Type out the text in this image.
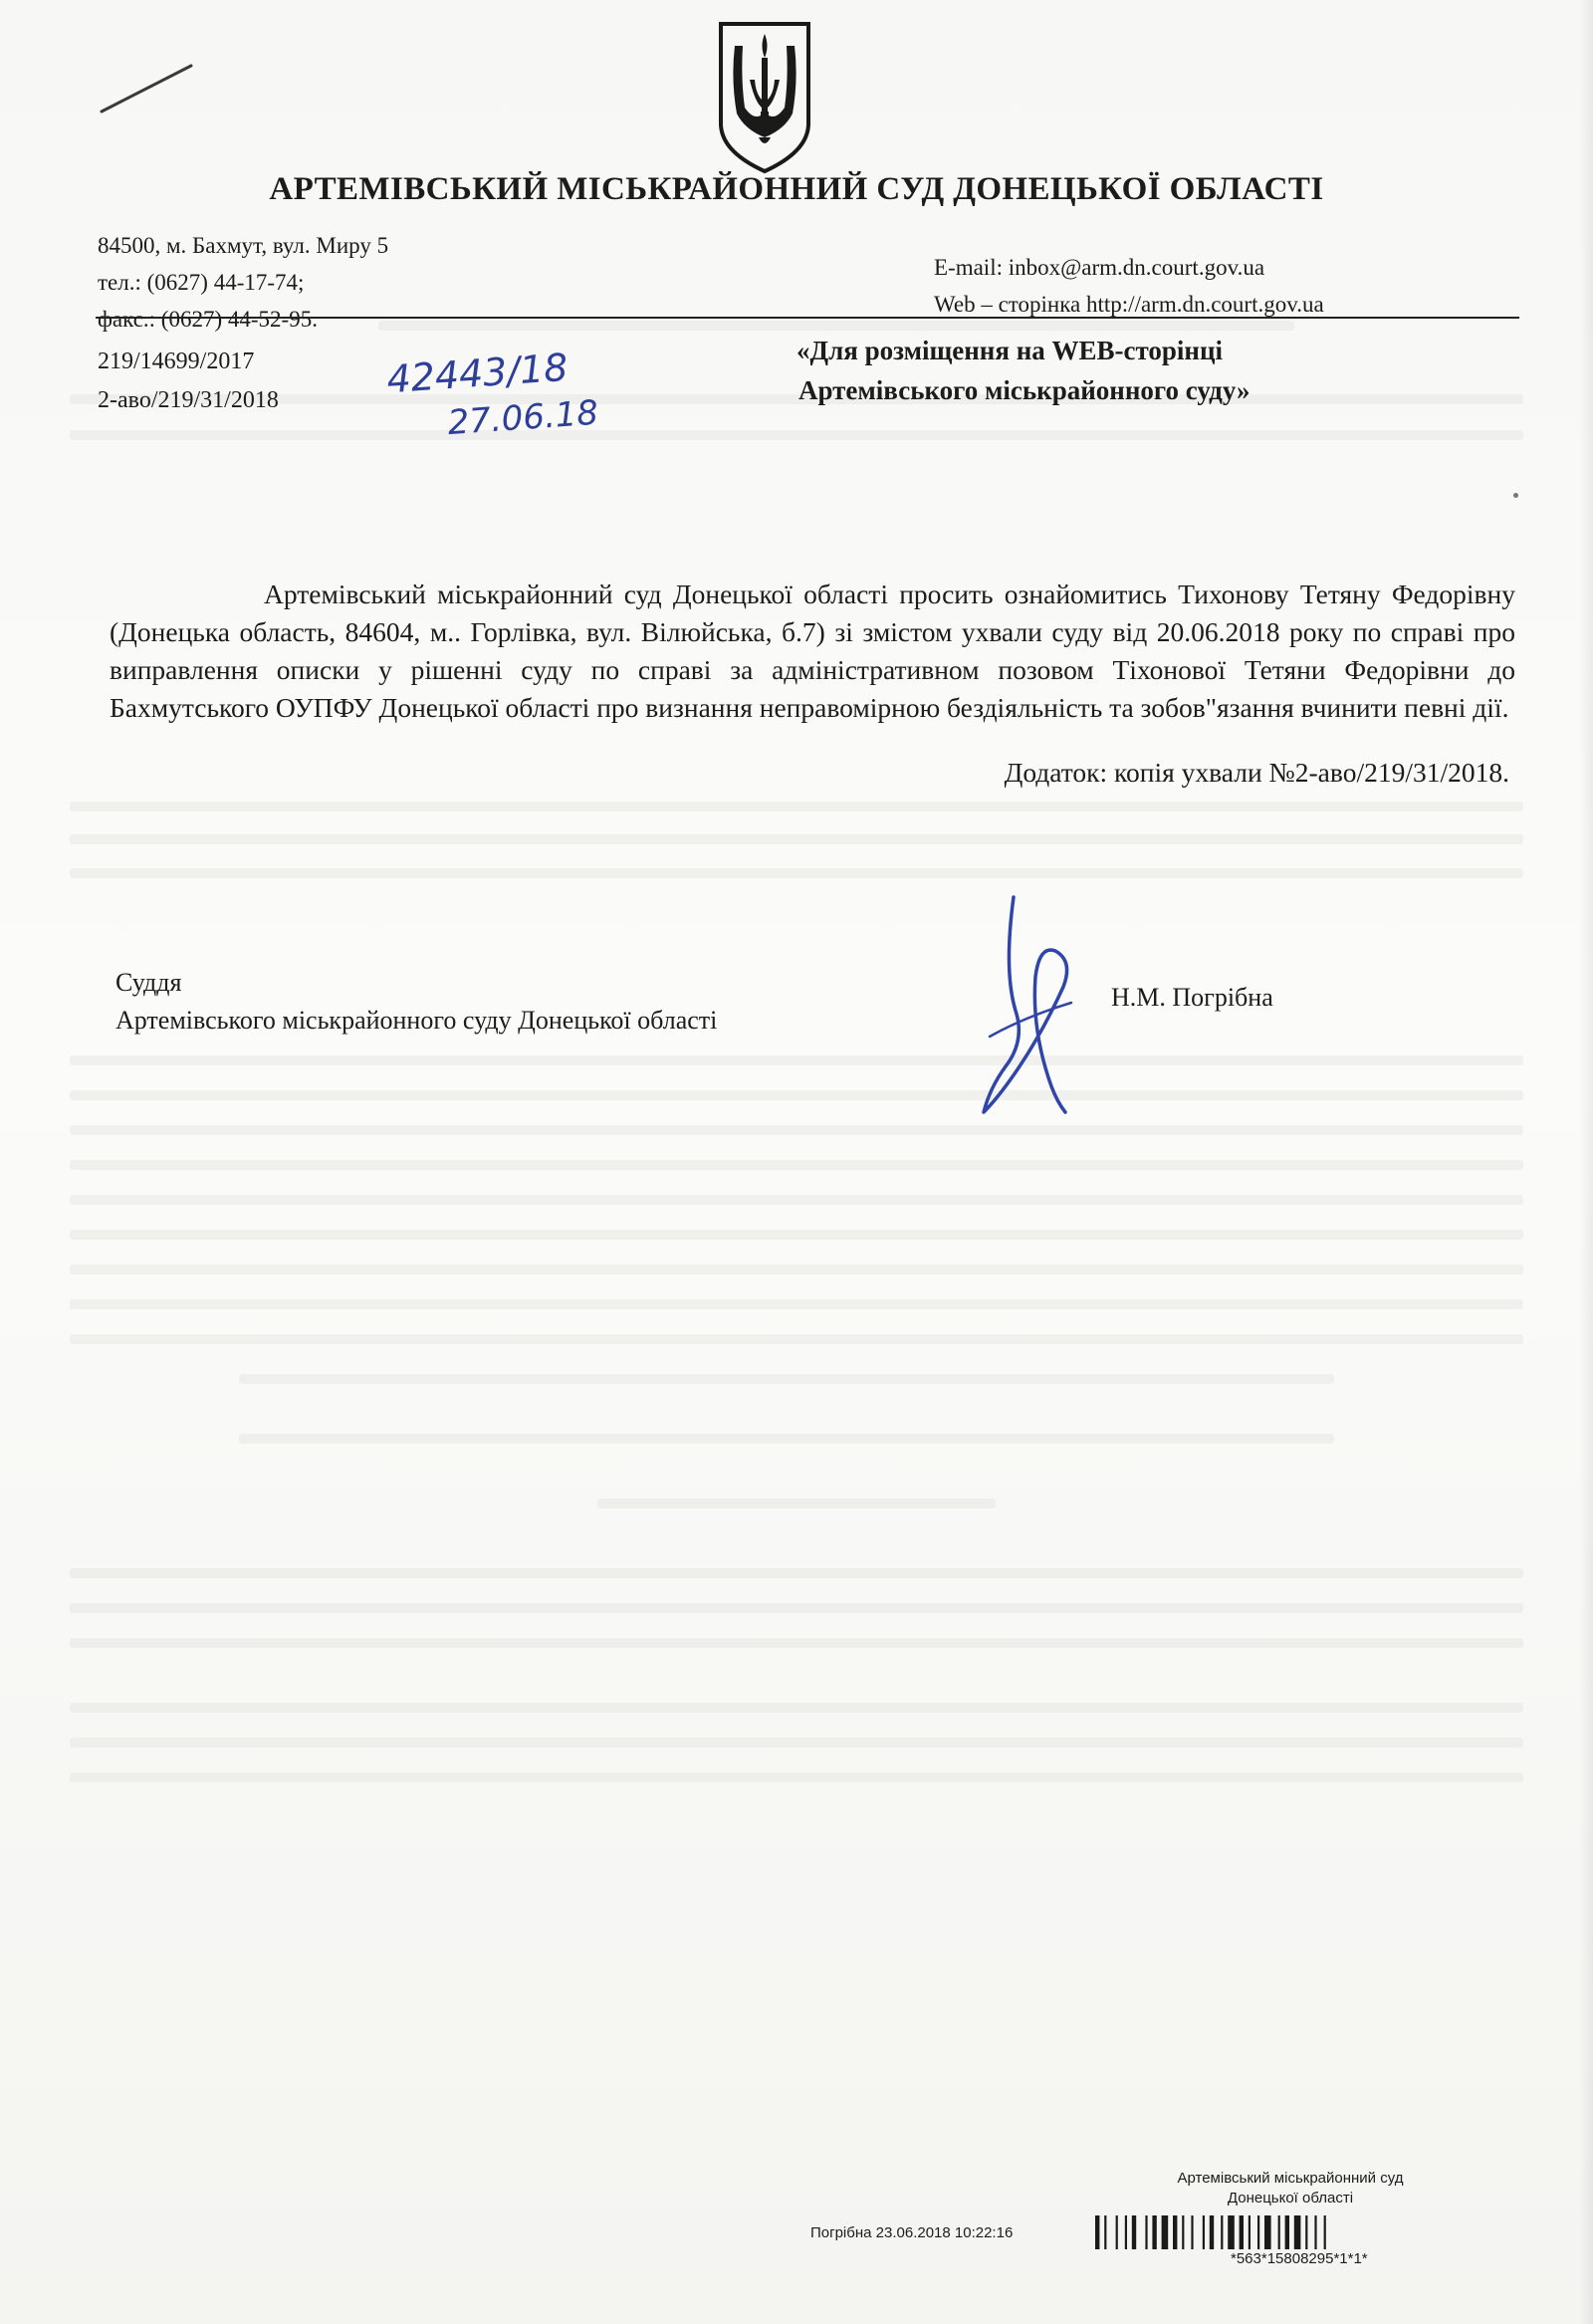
АРТЕМІВСЬКИЙ МІСЬКРАЙОННИЙ СУД ДОНЕЦЬКОЇ ОБЛАСТІ
84500, м. Бахмут, вул. Миру 5
тел.: (0627) 44-17-74;
факс.: (0627) 44-52-95.
E-mail: inbox@arm.dn.court.gov.ua
Web – сторінка http://arm.dn.court.gov.ua
219/14699/2017
2-аво/219/31/2018	42443/18
27.06.18
«Для розміщення на WEB-сторінці
Артемівського міськрайонного суду»
Артемівський міськрайонний суд Донецької області просить ознайомитись Тихонову Тетяну Федорівну (Донецька область, 84604, м.. Горлівка, вул. Вілюйська, б.7) зі змістом ухвали суду від 20.06.2018 року по справі про виправлення описки у рішенні суду по справі за адміністративном позовом Тіхонової Тетяни Федорівни до Бахмутського ОУПФУ Донецької області про визнання неправомірною бездіяльність та зобов"язання вчинити певні дії.
Додаток: копія ухвали №2-аво/219/31/2018.
Суддя
Артемівського міськрайонного суду Донецької області
Н.М. Погрібна
Артемівський міськрайонний суд
Донецької області
Погрібна 23.06.2018 10:22:16
*563*15808295*1*1*
